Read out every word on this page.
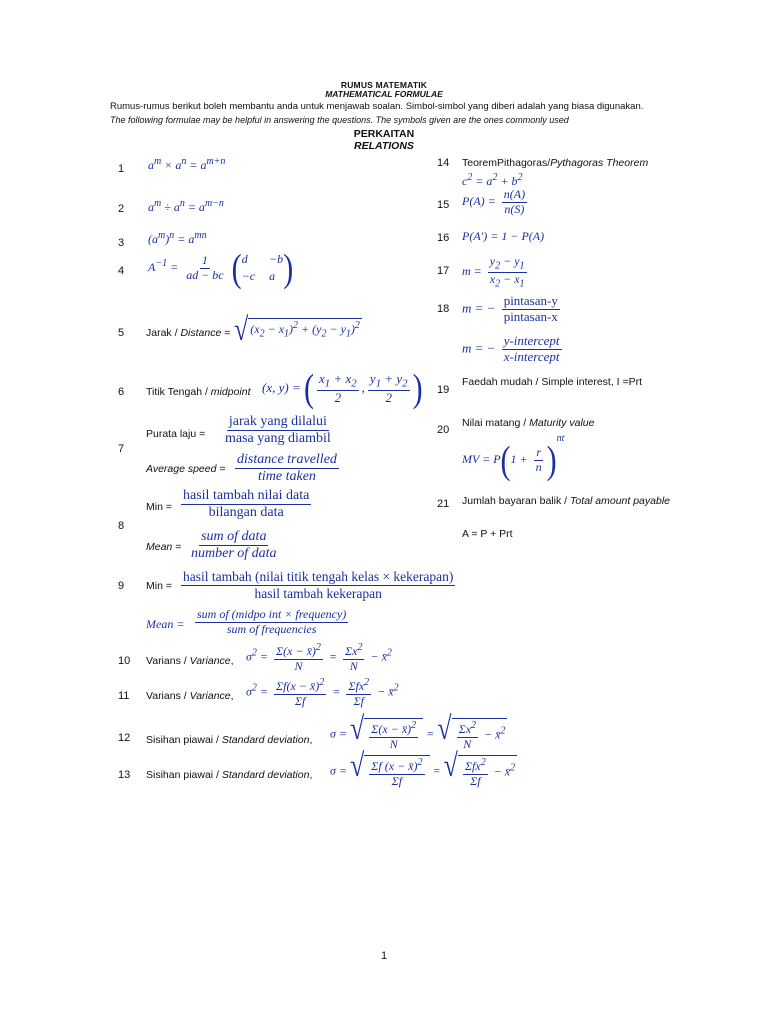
RUMUS MATEMATIK
MATHEMATICAL FORMULAE
Rumus-rumus berikut boleh membantu anda untuk menjawab soalan. Simbol-simbol yang diberi adalah yang biasa digunakan.
The following formulae may be helpful in answering the questions. The symbols given are the ones commonly used
PERKAITAN
RELATIONS
1 $a^m \times a^n = a^{m+n}$
2 $a^m \div a^n = a^{m-n}$
3 $(a^m)^n = a^{mn}$
4 $A^{-1} = \frac{1}{ad - bc}$ ( d	−b
−c a )
5 Jarak / Distance = √ $(x_2 - x_1)^2 + (y_2 - y_1)^2$
6 Titik Tengah / midpoint (x, y) = ( $\frac{x_1 + x_2}{2}$ , $\frac{y_1 + y_2}{2}$ )
7
Purata laju = $\frac{\text{jarak yang dilalui}}{\text{masa yang diambil}}$
Average speed = $\frac{\text{distance travelled}}{\text{time taken}}$
8
Min = $\frac{\text{hasil tambah nilai data}}{\text{bilangan data}}$
Mean = $\frac{\text{sum of data}}{\text{number of data}}$
9 Min = $\frac{\text{hasil tambah (nilai titik tengah kelas × kekerapan)}}{\text{hasil tambah kekerapan}}$
Mean = $\frac{\text{sum of (midpo int × frequency)}}{\text{sum of frequencies}}$
10 Varians / Variance, $\sigma^2 = \frac{\Sigma(x - x̄)^2}{N} = \frac{\Sigma x^2}{N}$ − x̄$^2$
11 Varians / Variance, $\sigma^2 = \frac{\Sigma f(x - x̄)^2}{\Sigma f} = \frac{\Sigma fx^2}{\Sigma f}$ − x̄$^2$
12 Sisihan piawai / Standard deviation, σ = √ $\frac{\Sigma(x - x̄)^2}{N}$ = √ $\frac{\Sigma x^2}{N}$ − x̄$^2$
13 Sisihan piawai / Standard deviation, σ = √ $\frac{\Sigma f (x - x̄)^2}{\Sigma f}$ = √ $\frac{\Sigma fx^2}{\Sigma f}$ − x̄$^2$
14 TeoremPithagoras/Pythagoras Theorem
$c^2 = a^2 + b^2$
15 $P(A) = \frac{n(A)}{n(S)}$
16 P(A′) = 1 − P(A)
17 $m = \frac{y_2 - y_1}{x_2 - x_1}$
18 m = − $\frac{\text{pintasan-y}}{\text{pintasan-x}}$
m = − $\frac{\text{y-intercept}}{\text{x-intercept}}$
19
Faedah mudah / Simple interest, I =Prt
20
Nilai matang / Maturity value
MV = $P(1 + \frac{r}{n} )^{nt}$
21 Jumlah bayaran balik / Total amount payable
A = P + Prt
1
